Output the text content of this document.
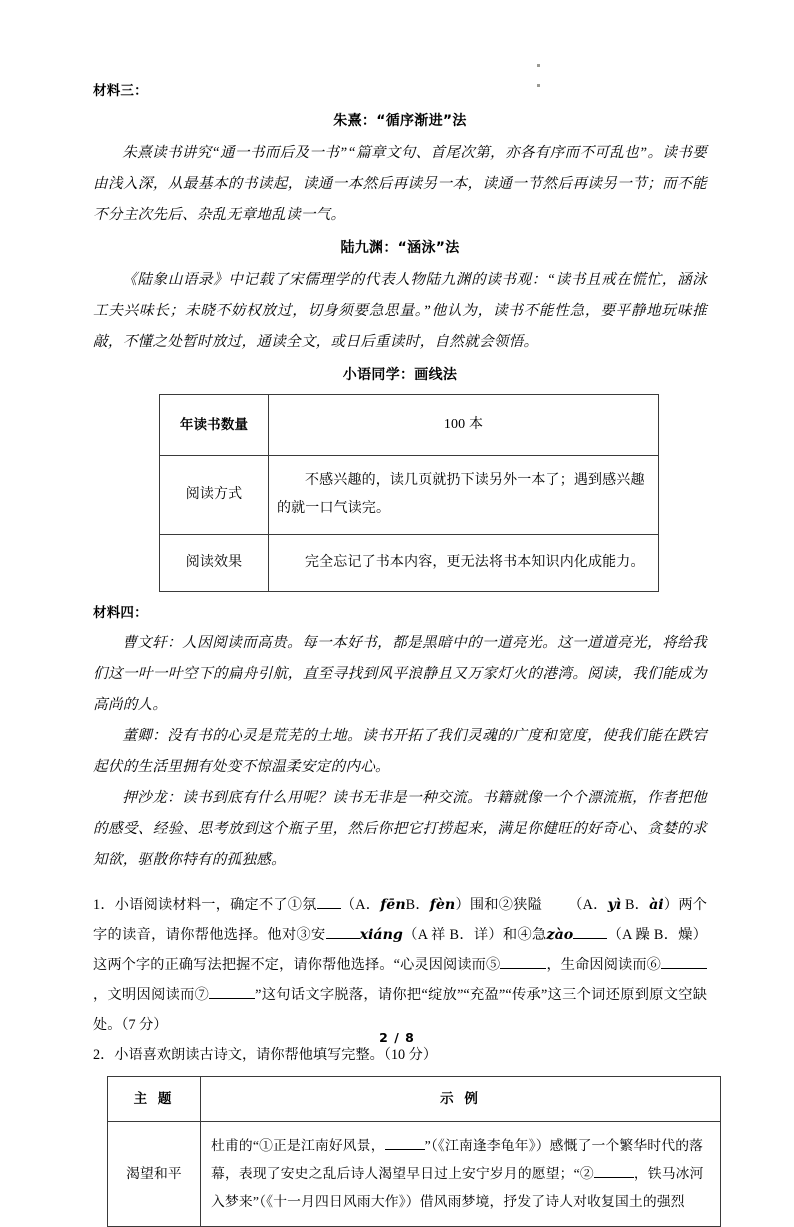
材料三：
朱熹：“循序渐进”法

朱熹读书讲究“通一书而后及一书”“篇章文句、首尾次第，亦各有序而不可乱也”。读书要由浅入深，从最基本的书读起，读通一本然后再读另一本，读通一节然后再读另一节；而不能不分主次先后、杂乱无章地乱读一气。

陆九渊：“涵泳”法

《陆象山语录》中记载了宋儒理学的代表人物陆九渊的读书观：“读书且戒在慌忙，涵泳工夫兴味长；未晓不妨权放过，切身须要急思量。”他认为，读书不能性急，要平静地玩味推敲，不懂之处暂时放过，通读全文，或日后重读时，自然就会领悟。

小语同学：画线法
年读书数量	100 本
阅读方式	不感兴趣的，读几页就扔下读另外一本了；遇到感兴趣的就一口气读完。
阅读效果	完全忘记了书本内容，更无法将书本知识内化成能力。
材料四：

曹文轩：人因阅读而高贵。每一本好书，都是黑暗中的一道亮光。这一道道亮光，将给我们这一叶一叶空下的扁舟引航，直至寻找到风平浪静且又万家灯火的港湾。阅读，我们能成为高尚的人。

董卿：没有书的心灵是荒芜的土地。读书开拓了我们灵魂的广度和宽度，使我们能在跌宕起伏的生活里拥有处变不惊温柔安定的内心。

押沙龙：读书到底有什么用呢？读书无非是一种交流。书籍就像一个个漂流瓶，作者把他的感受、经验、思考放到这个瓶子里，然后你把它打捞起来，满足你健旺的好奇心、贪婪的求知欲，驱散你特有的孤独感。

1．小语阅读材料一，确定不了①氛 （A．fēnB．fèn）围和②狭隘 （A．yì B．ài）两个字的读音，请你帮他选择。他对③安 xiáng（A 祥 B．详）和④急zào （A 躁 B．燥）这两个字的正确写法把握不定，请你帮他选择。“心灵因阅读而⑤	，生命因阅读而⑥，文明因阅读而⑦	”这句话文字脱落，请你把“绽放”“充盈”“传承”这三个词还原到原文空缺处。（7 分）

2．小语喜欢朗读古诗文，请你帮他填写完整。（10 分）

主 题	示 例
渴望和平	杜甫的“①正是江南好风景， ”（《江南逢李龟年》）感慨了一个繁华时代的落幕，表现了安史之乱后诗人渴望早日过上安宁岁月的愿望；“② ，铁马冰河入梦来”（《十一月四日风雨大作》）借风雨梦境，抒发了诗人对收复国土的强烈
2 / 8
